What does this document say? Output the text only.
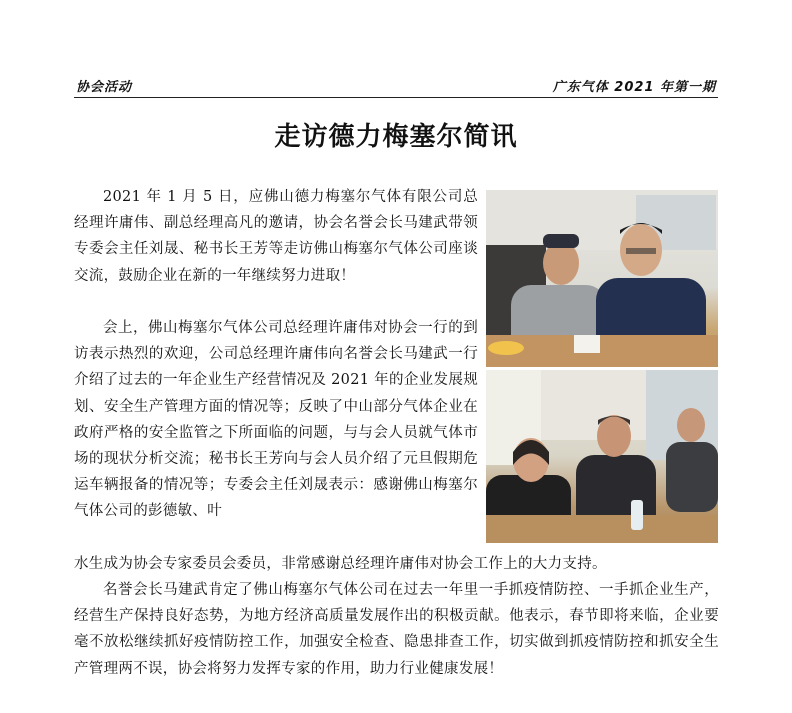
协会活动	广东气体 2021 年第一期
走访德力梅塞尔简讯

2021 年 1 月 5 日，应佛山德力梅塞尔气体有限公司总经理许庸伟、副总经理高凡的邀请，协会名誉会长马建武带领专委会主任刘晟、秘书长王芳等走访佛山梅塞尔气体公司座谈交流，鼓励企业在新的一年继续努力进取！

会上，佛山梅塞尔气体公司总经理许庸伟对协会一行的到访表示热烈的欢迎，公司总经理许庸伟向名誉会长马建武一行介绍了过去的一年企业生产经营情况及 2021 年的企业发展规划、安全生产管理方面的情况等；反映了中山部分气体企业在政府严格的安全监管之下所面临的问题，与与会人员就气体市场的现状分析交流；秘书长王芳向与会人员介绍了元旦假期危运车辆报备的情况等；专委会主任刘晟表示：感谢佛山梅塞尔气体公司的彭德敏、叶

水生成为协会专家委员会委员，非常感谢总经理许庸伟对协会工作上的大力支持。

名誉会长马建武肯定了佛山梅塞尔气体公司在过去一年里一手抓疫情防控、一手抓企业生产，经营生产保持良好态势，为地方经济高质量发展作出的积极贡献。他表示，春节即将来临，企业要毫不放松继续抓好疫情防控工作，加强安全检查、隐患排查工作，切实做到抓疫情防控和抓安全生产管理两不误，协会将努力发挥专家的作用，助力行业健康发展！
